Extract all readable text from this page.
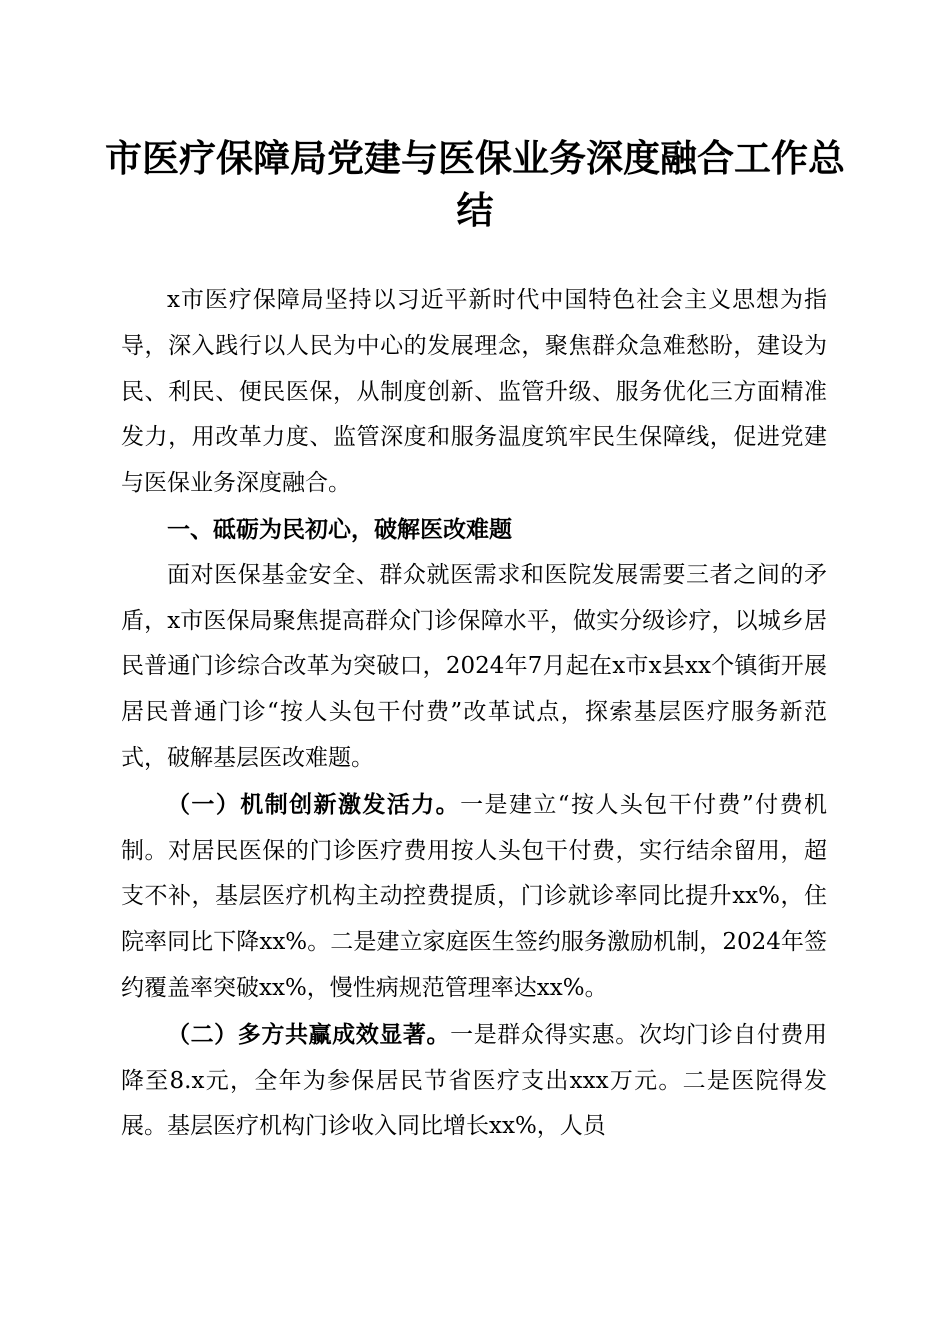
市医疗保障局党建与医保业务深度融合工作总结

x市医疗保障局坚持以习近平新时代中国特色社会主义思想为指导，深入践行以人民为中心的发展理念，聚焦群众急难愁盼，建设为民、利民、便民医保，从制度创新、监管升级、服务优化三方面精准发力，用改革力度、监管深度和服务温度筑牢民生保障线，促进党建与医保业务深度融合。

一、砥砺为民初心，破解医改难题

面对医保基金安全、群众就医需求和医院发展需要三者之间的矛盾，x市医保局聚焦提高群众门诊保障水平，做实分级诊疗，以城乡居民普通门诊综合改革为突破口，2024年7月起在x市x县xx个镇街开展居民普通门诊“按人头包干付费”改革试点，探索基层医疗服务新范式，破解基层医改难题。

（一）机制创新激发活力。一是建立“按人头包干付费”付费机制。对居民医保的门诊医疗费用按人头包干付费，实行结余留用，超支不补，基层医疗机构主动控费提质，门诊就诊率同比提升xx%，住院率同比下降xx%。二是建立家庭医生签约服务激励机制，2024年签约覆盖率突破xx%，慢性病规范管理率达xx%。

（二）多方共赢成效显著。一是群众得实惠。次均门诊自付费用降至8.x元，全年为参保居民节省医疗支出xxx万元。二是医院得发展。基层医疗机构门诊收入同比增长xx%，人员
